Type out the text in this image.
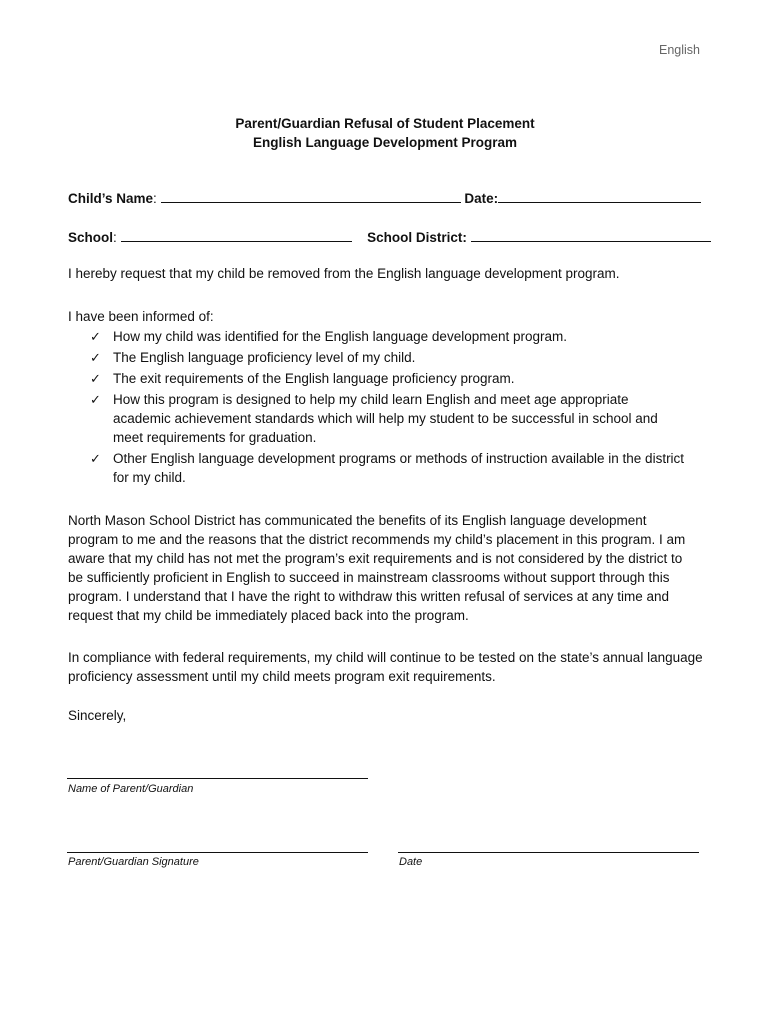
English
Parent/Guardian Refusal of Student Placement
English Language Development Program
Child’s Name:	Date:
School:	School District:

I hereby request that my child be removed from the English language development program.

I have been informed of:

✓ How my child was identified for the English language development program.
✓ The English language proficiency level of my child.
✓ The exit requirements of the English language proficiency program.
✓ How this program is designed to help my child learn English and meet age appropriate academic achievement standards which will help my student to be successful in school and meet requirements for graduation.
✓ Other English language development programs or methods of instruction available in the district for my child.

North Mason School District has communicated the benefits of its English language development program to me and the reasons that the district recommends my child’s placement in this program. I am aware that my child has not met the program’s exit requirements and is not considered by the district to be sufficiently proficient in English to succeed in mainstream classrooms without support through this program. I understand that I have the right to withdraw this written refusal of services at any time and request that my child be immediately placed back into the program.

In compliance with federal requirements, my child will continue to be tested on the state’s annual language proficiency assessment until my child meets program exit requirements.

Sincerely,

Name of Parent/Guardian
Parent/Guardian Signature	Date
